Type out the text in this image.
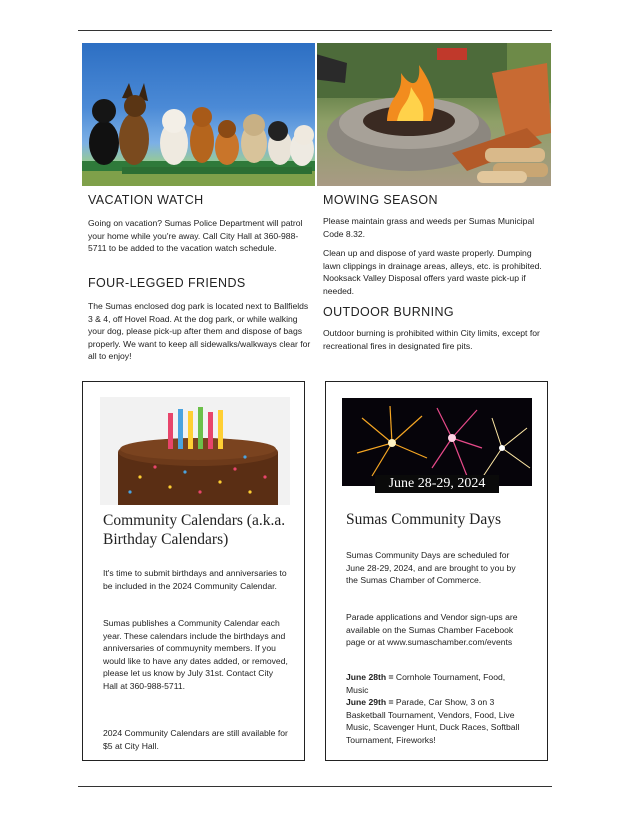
VACATION WATCH
Going on vacation? Sumas Police Department will patrol your home while you're away. Call City Hall at 360-988-5711 to be added to the vacation watch schedule.
FOUR-LEGGED FRIENDS
The Sumas enclosed dog park is located next to Ballfields 3 & 4, off Hovel Road. At the dog park, or while walking your dog, please pick-up after them and dispose of bags properly. We want to keep all sidewalks/walkways clear for all to enjoy!
MOWING SEASON
Please maintain grass and weeds per Sumas Municipal Code 8.32.
Clean up and dispose of yard waste properly. Dumping lawn clippings in drainage areas, alleys, etc. is prohibited. Nooksack Valley Disposal offers yard waste pick-up if needed.
OUTDOOR BURNING
Outdoor burning is prohibited within City limits, except for recreational fires in designated fire pits.
Community Calendars (a.k.a. Birthday Calendars)
It's time to submit birthdays and anniversaries to be included in the 2024 Community Calendar.
Sumas publishes a Community Calendar each year. These calendars include the birthdays and anniversaries of commuynity members. If you would like to have any dates added, or removed, please let us know by July 31st. Contact City Hall at 360-988-5711.
2024 Community Calendars are still available for $5 at City Hall.
June 28-29, 2024
Sumas Community Days
Sumas Community Days are scheduled for June 28-29, 2024, and are brought to you by the Sumas Chamber of Commerce.
Parade applications and Vendor sign-ups are available on the Sumas Chamber Facebook page or at www.sumaschamber.com/events
June 28th = Cornhole Tournament, Food, Music
June 29th = Parade, Car Show, 3 on 3 Basketball Tournament, Vendors, Food, Live Music, Scavenger Hunt, Duck Races, Softball Tournament, Fireworks!
